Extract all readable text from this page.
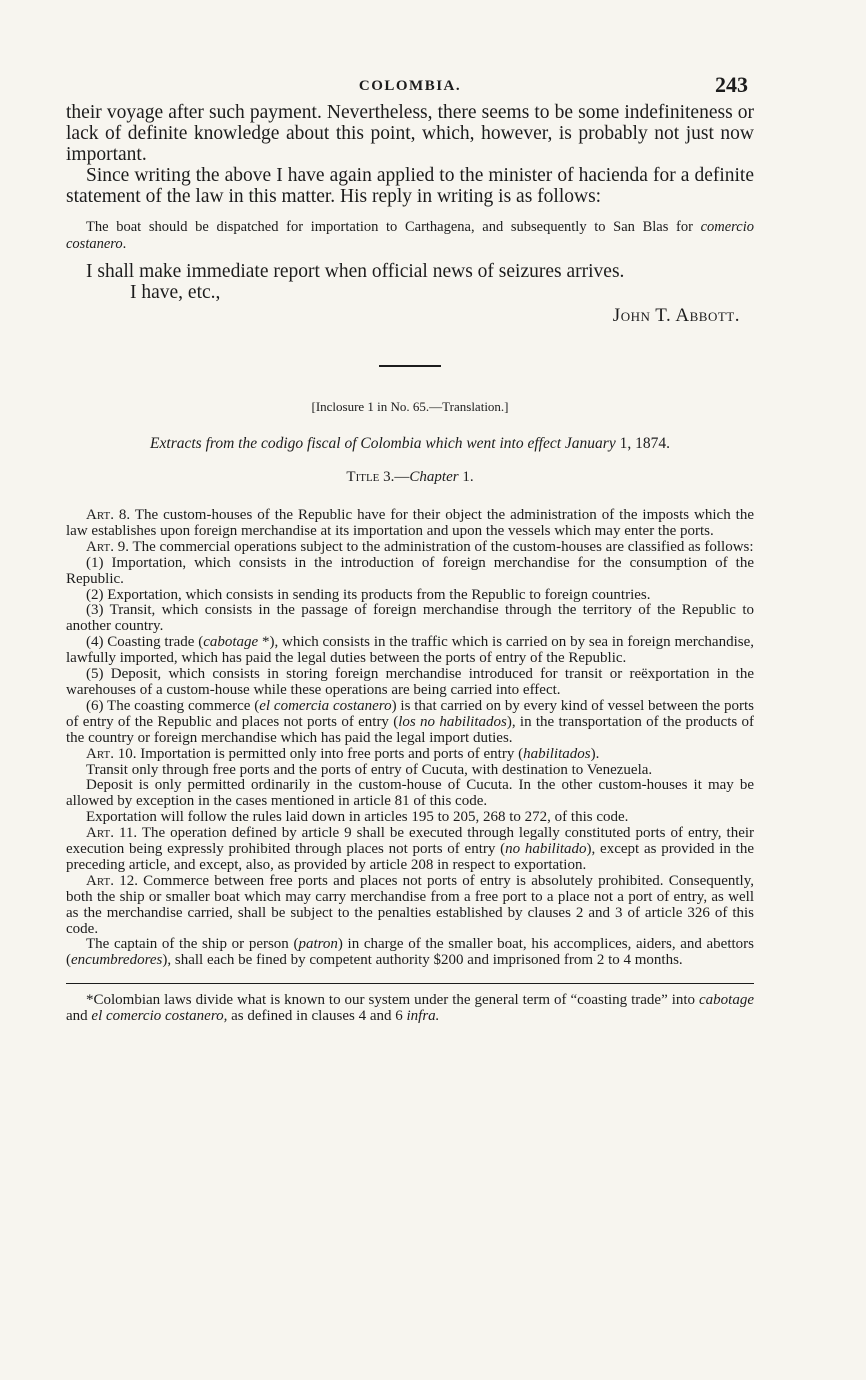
COLOMBIA.	243

their voyage after such payment. Nevertheless, there seems to be some indefiniteness or lack of definite knowledge about this point, which, however, is probably not just now important.

Since writing the above I have again applied to the minister of hacienda for a definite statement of the law in this matter. His reply in writing is as follows:

The boat should be dispatched for importation to Carthagena, and subsequently to San Blas for comercio costanero.

I shall make immediate report when official news of seizures arrives.

I have, etc.,

John T. Abbott.

[Inclosure 1 in No. 65.—Translation.]

Extracts from the codigo fiscal of Colombia which went into effect January 1, 1874.

Title 3.—Chapter 1.

Art. 8. The custom-houses of the Republic have for their object the administration of the imposts which the law establishes upon foreign merchandise at its importation and upon the vessels which may enter the ports.

Art. 9. The commercial operations subject to the administration of the custom-houses are classified as follows:

(1) Importation, which consists in the introduction of foreign merchandise for the consumption of the Republic.

(2) Exportation, which consists in sending its products from the Republic to foreign countries.

(3) Transit, which consists in the passage of foreign merchandise through the territory of the Republic to another country.

(4) Coasting trade (cabotage *), which consists in the traffic which is carried on by sea in foreign merchandise, lawfully imported, which has paid the legal duties between the ports of entry of the Republic.

(5) Deposit, which consists in storing foreign merchandise introduced for transit or reëxportation in the warehouses of a custom-house while these operations are being carried into effect.

(6) The coasting commerce (el comercia costanero) is that carried on by every kind of vessel between the ports of entry of the Republic and places not ports of entry (los no habilitados), in the transportation of the products of the country or foreign merchandise which has paid the legal import duties.

Art. 10. Importation is permitted only into free ports and ports of entry (habilitados).

Transit only through free ports and the ports of entry of Cucuta, with destination to Venezuela.

Deposit is only permitted ordinarily in the custom-house of Cucuta. In the other custom-houses it may be allowed by exception in the cases mentioned in article 81 of this code.

Exportation will follow the rules laid down in articles 195 to 205, 268 to 272, of this code.

Art. 11. The operation defined by article 9 shall be executed through legally constituted ports of entry, their execution being expressly prohibited through places not ports of entry (no habilitado), except as provided in the preceding article, and except, also, as provided by article 208 in respect to exportation.

Art. 12. Commerce between free ports and places not ports of entry is absolutely prohibited. Consequently, both the ship or smaller boat which may carry merchandise from a free port to a place not a port of entry, as well as the merchandise carried, shall be subject to the penalties established by clauses 2 and 3 of article 326 of this code.

The captain of the ship or person (patron) in charge of the smaller boat, his accomplices, aiders, and abettors (encumbredores), shall each be fined by competent authority $200 and imprisoned from 2 to 4 months.

*Colombian laws divide what is known to our system under the general term of “coasting trade” into cabotage and el comercio costanero, as defined in clauses 4 and 6 infra.
